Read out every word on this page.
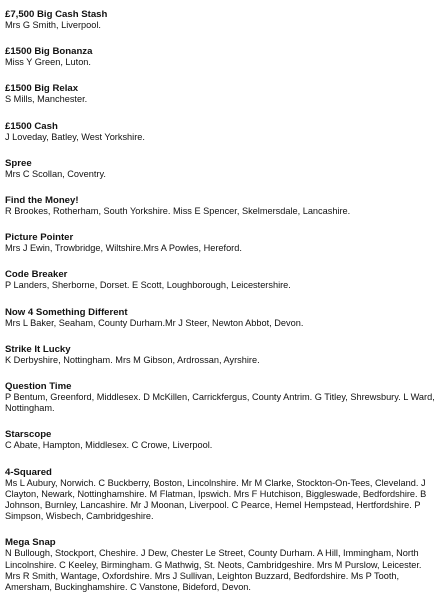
£7,500 Big Cash Stash

Mrs G Smith, Liverpool.

£1500 Big Bonanza

Miss Y Green, Luton.

£1500 Big Relax

S Mills, Manchester.

£1500 Cash

J Loveday, Batley, West Yorkshire.

Spree

Mrs C Scollan, Coventry.

Find the Money!

R Brookes, Rotherham, South Yorkshire. Miss E Spencer, Skelmersdale, Lancashire.

Picture Pointer

Mrs J Ewin, Trowbridge, Wiltshire.Mrs A Powles, Hereford.

Code Breaker

P Landers, Sherborne, Dorset. E Scott, Loughborough, Leicestershire.

Now 4 Something Different

Mrs L Baker, Seaham, County Durham.Mr J Steer, Newton Abbot, Devon.

Strike It Lucky

K Derbyshire, Nottingham. Mrs M Gibson, Ardrossan, Ayrshire.

Question Time

P Bentum, Greenford, Middlesex. D McKillen, Carrickfergus, County Antrim. G Titley, Shrewsbury. L Ward, Nottingham.

Starscope

C Abate, Hampton, Middlesex. C Crowe, Liverpool.

4-Squared

Ms L Aubury, Norwich. C Buckberry, Boston, Lincolnshire. Mr M Clarke, Stockton-On-Tees, Cleveland. J Clayton, Newark, Nottinghamshire. M Flatman, Ipswich. Mrs F Hutchison, Biggleswade, Bedfordshire. B Johnson, Burnley, Lancashire. Mr J Moonan, Liverpool. C Pearce, Hemel Hempstead, Hertfordshire. P Simpson, Wisbech, Cambridgeshire.

Mega Snap

N Bullough, Stockport, Cheshire. J Dew, Chester Le Street, County Durham. A Hill, Immingham, North Lincolnshire. C Keeley, Birmingham. G Mathwig, St. Neots, Cambridgeshire. Mrs M Purslow, Leicester. Mrs R Smith, Wantage, Oxfordshire. Mrs J Sullivan, Leighton Buzzard, Bedfordshire. Ms P Tooth, Amersham, Buckinghamshire. C Vanstone, Bideford, Devon.
